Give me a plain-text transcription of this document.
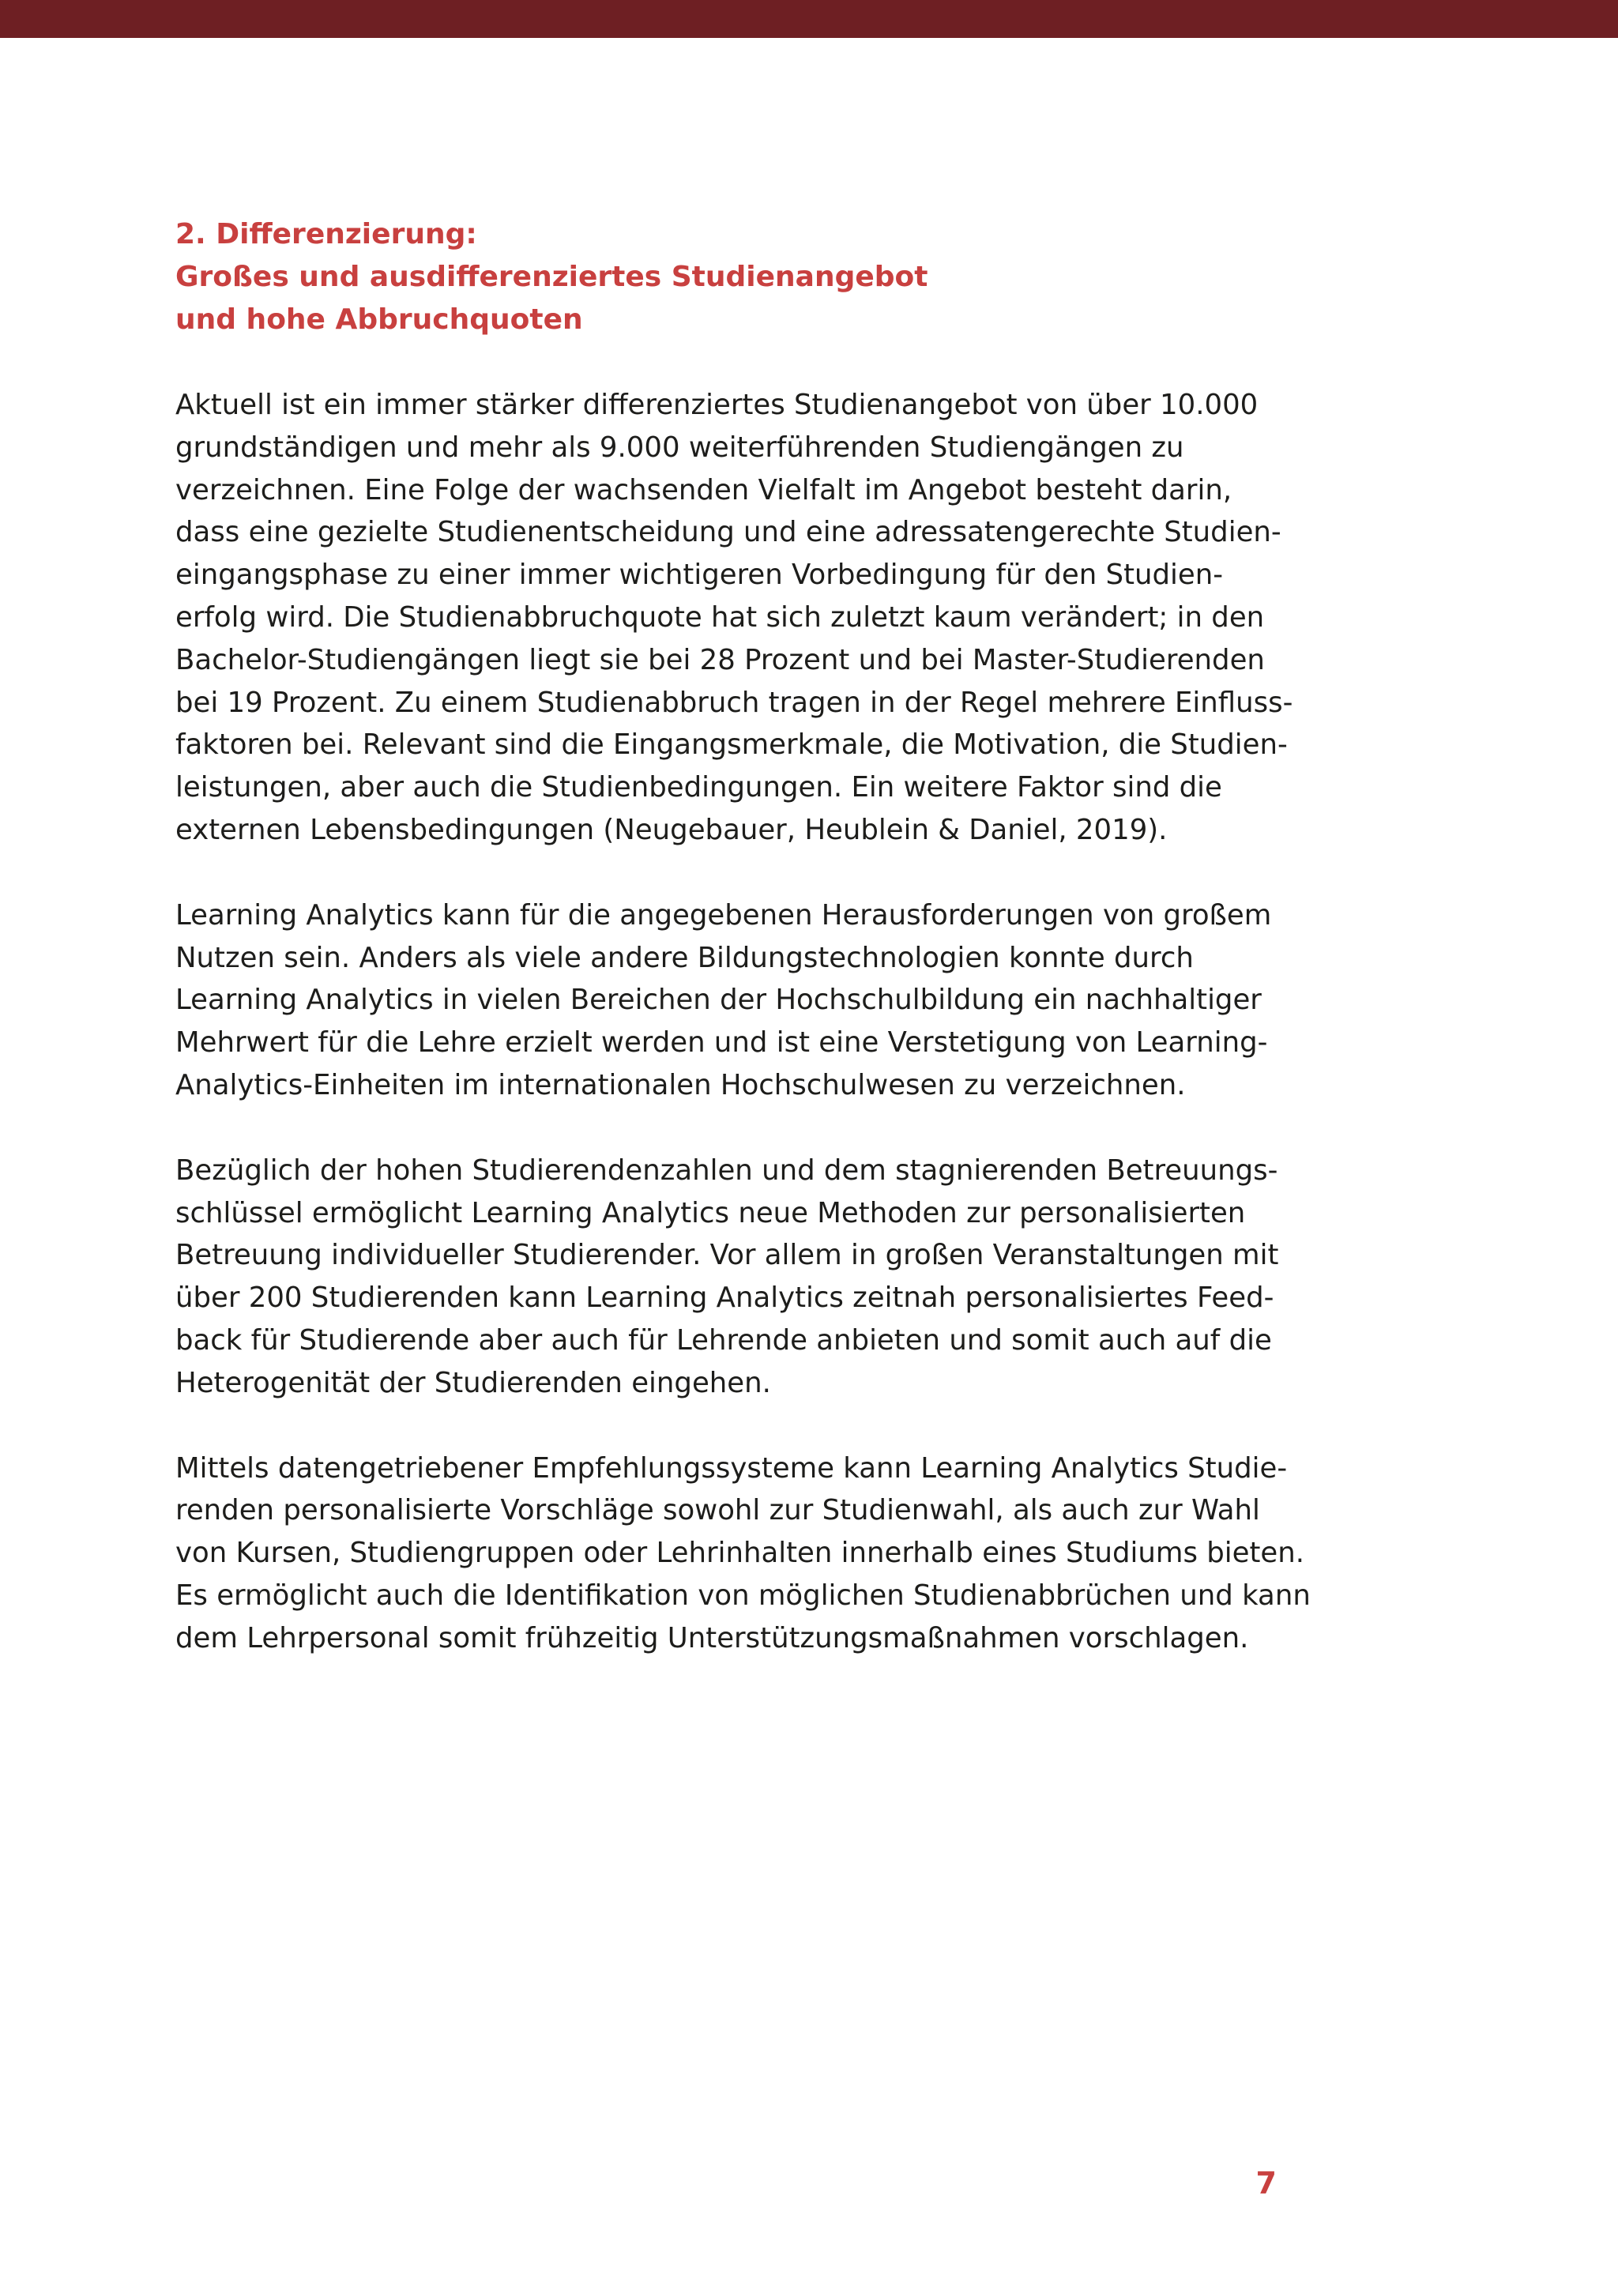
2. Differenzierung:
Großes und ausdifferenziertes Studienangebot
und hohe Abbruchquoten

Aktuell ist ein immer stärker differenziertes Studienangebot von über 10.000
grundständigen und mehr als 9.000 weiterführenden Studiengängen zu
verzeichnen. Eine Folge der wachsenden Vielfalt im Angebot besteht darin,
dass eine gezielte Studienentscheidung und eine adressatengerechte Studien-
eingangsphase zu einer immer wichtigeren Vorbedingung für den Studien-
erfolg wird. Die Studienabbruchquote hat sich zuletzt kaum verändert; in den
Bachelor-Studiengängen liegt sie bei 28 Prozent und bei Master-Studierenden
bei 19 Prozent. Zu einem Studienabbruch tragen in der Regel mehrere Einfluss-
faktoren bei. Relevant sind die Eingangsmerkmale, die Motivation, die Studien-
leistungen, aber auch die Studienbedingungen. Ein weitere Faktor sind die
externen Lebensbedingungen (Neugebauer, Heublein & Daniel, 2019).

Learning Analytics kann für die angegebenen Herausforderungen von großem
Nutzen sein. Anders als viele andere Bildungstechnologien konnte durch
Learning Analytics in vielen Bereichen der Hochschulbildung ein nachhaltiger
Mehrwert für die Lehre erzielt werden und ist eine Verstetigung von Learning-
Analytics-Einheiten im internationalen Hochschulwesen zu verzeichnen.

Bezüglich der hohen Studierendenzahlen und dem stagnierenden Betreuungs-
schlüssel ermöglicht Learning Analytics neue Methoden zur personalisierten
Betreuung individueller Studierender. Vor allem in großen Veranstaltungen mit
über 200 Studierenden kann Learning Analytics zeitnah personalisiertes Feed-
back für Studierende aber auch für Lehrende anbieten und somit auch auf die
Heterogenität der Studierenden eingehen.

Mittels datengetriebener Empfehlungssysteme kann Learning Analytics Studie-
renden personalisierte Vorschläge sowohl zur Studienwahl, als auch zur Wahl
von Kursen, Studiengruppen oder Lehrinhalten innerhalb eines Studiums bieten.
Es ermöglicht auch die Identifikation von möglichen Studienabbrüchen und kann
dem Lehrpersonal somit frühzeitig Unterstützungsmaßnahmen vorschlagen.

7
